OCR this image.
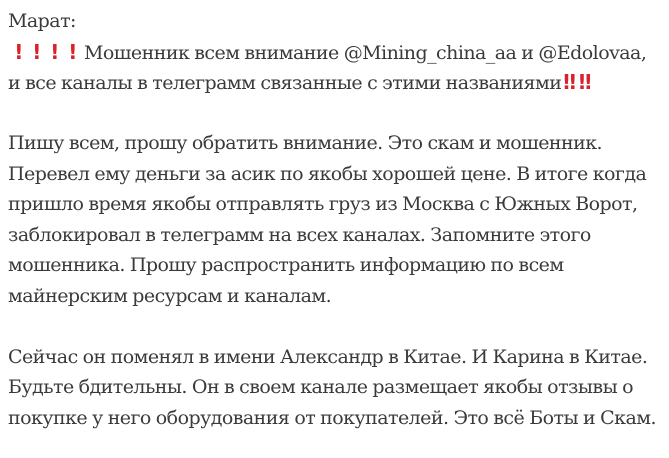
Марат:
! ! ! ! Мошенник всем внимание @Mining_china_aa и @Edolovaa,
и все каналы в телеграмм связанные с этими названиями ‼ ‼
Пишу всем, прошу обратить внимание. Это скам и мошенник.
Перевел ему деньги за асик по якобы хорошей цене. В итоге когда
пришло время якобы отправлять груз из Москва с Южных Ворот,
заблокировал в телеграмм на всех каналах. Запомните этого
мошенника. Прошу распространить информацию по всем
майнерским ресурсам и каналам.
Сейчас он поменял в имени Александр в Китае. И Карина в Китае.
Будьте бдительны. Он в своем канале размещает якобы отзывы о
покупке у него оборудования от покупателей. Это всё Боты и Скам.
